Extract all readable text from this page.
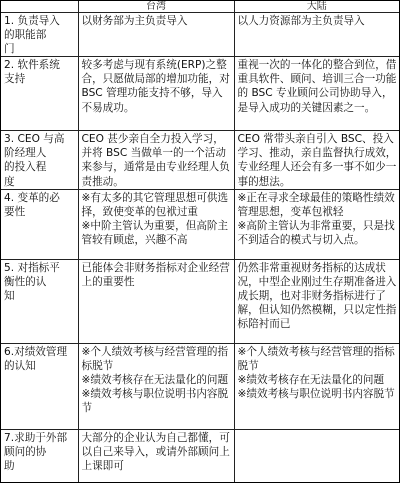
	台湾	大陆

1. 负责导入
的职能部
门	以财务部为主负责导入	以人力资源部为主负责导入

2. 软件系统
支持	较多考虑与现有系统(ERP)之整合，只愿做局部的增加功能，对 BSC 管理功能支持不够，导入不易成功。	重视一次的一体化的整合到位，借重具软件、顾问、培训三合一功能的 BSC 专业顾问公司协助导入，是导入成功的关键因素之一。

3. CEO 与高
阶经理人
的投入程
度	CEO 甚少亲自全力投入学习，并将 BSC 当做单一的一个活动来参与，通常是由专业经理人负责推动。	CEO 常带头亲自引入 BSC、投入学习、推动，亲自监督执行成效，专业经理人还会有多一事不如少一事的想法。

4. 变革的必
要性	※有太多的其它管理思想可供选择，致使变革的包袱过重
※中阶主管认为重要，但高阶主管较有顾虑，兴趣不高	※正在寻求全球最佳的策略性绩效管理思想，变革包袱轻
※高阶主管认为非常重要，只是找不到适合的模式与切入点。

5. 对指标平
衡性的认
知	已能体会非财务指标对企业经营上的重要性	仍然非常重视财务指标的达成状况，中型企业刚过生存期准备进入成长期，也对非财务指标进行了解，但认知仍然模糊，只以定性指标陪衬而已

6.对绩效管理
的认知	※个人绩效考核与经营管理的指标脱节
※绩效考核存在无法量化的问题
※绩效考核与职位说明书内容脱节	※个人绩效考核与经营管理的指标脱节
※绩效考核存在无法量化的问题
※绩效考核与职位说明书内容脱节

7.求助于外部
顾问的协
助	大部分的企业认为自己都懂，可以自己来导入，或请外部顾问上上课即可	
